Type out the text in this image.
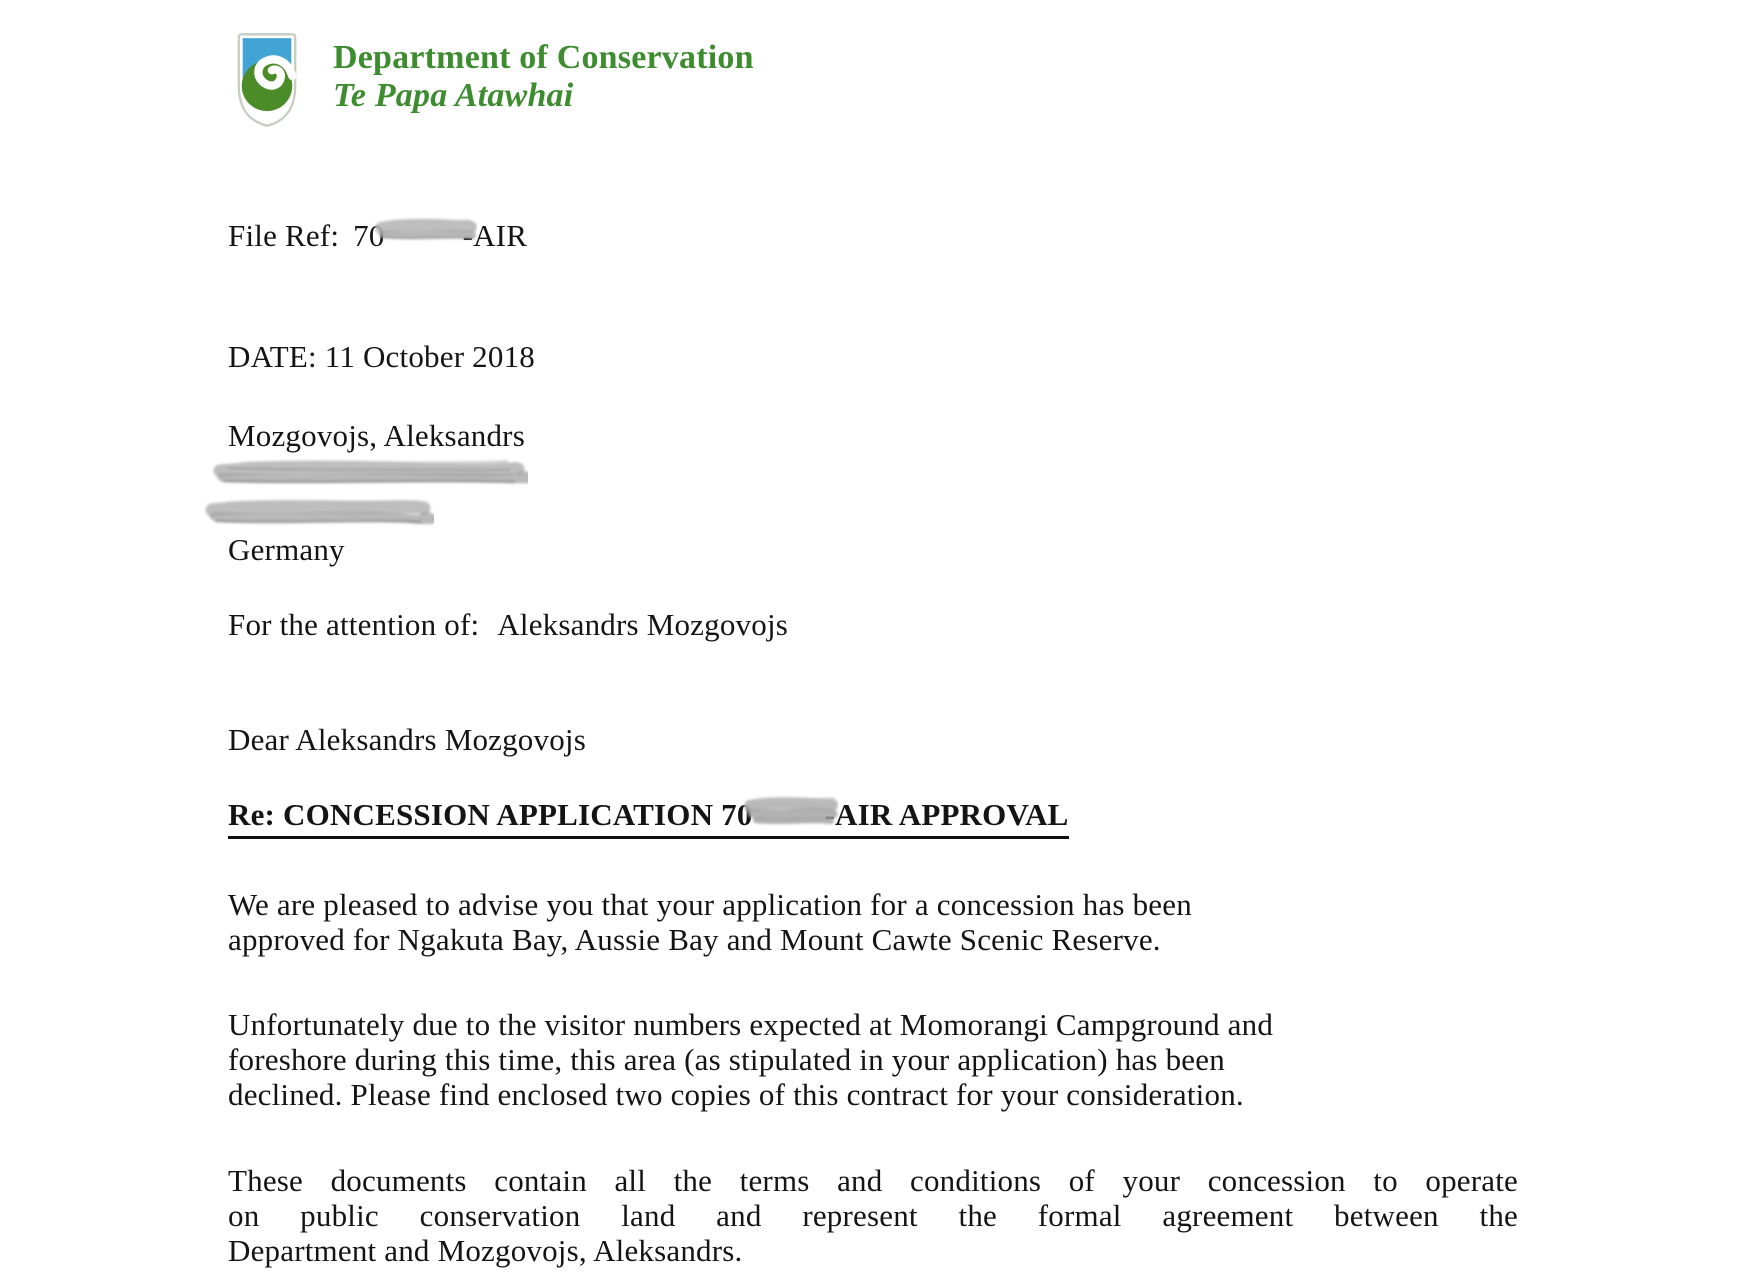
Department of Conservation
Te Papa Atawhai
File Ref: 70	-AIR
DATE: 11 October 2018
Mozgovojs, Aleksandrs
Germany
For the attention of: Aleksandrs Mozgovojs
Dear Aleksandrs Mozgovojs
Re: CONCESSION APPLICATION 70 -AIR APPROVAL
We are pleased to advise you that your application for a concession has been
approved for Ngakuta Bay, Aussie Bay and Mount Cawte Scenic Reserve.
Unfortunately due to the visitor numbers expected at Momorangi Campground and
foreshore during this time, this area (as stipulated in your application) has been
declined. Please find enclosed two copies of this contract for your consideration.
These documents contain all the terms and conditions of your concession to operate
on public conservation land and represent the formal agreement between the
Department and Mozgovojs, Aleksandrs.
